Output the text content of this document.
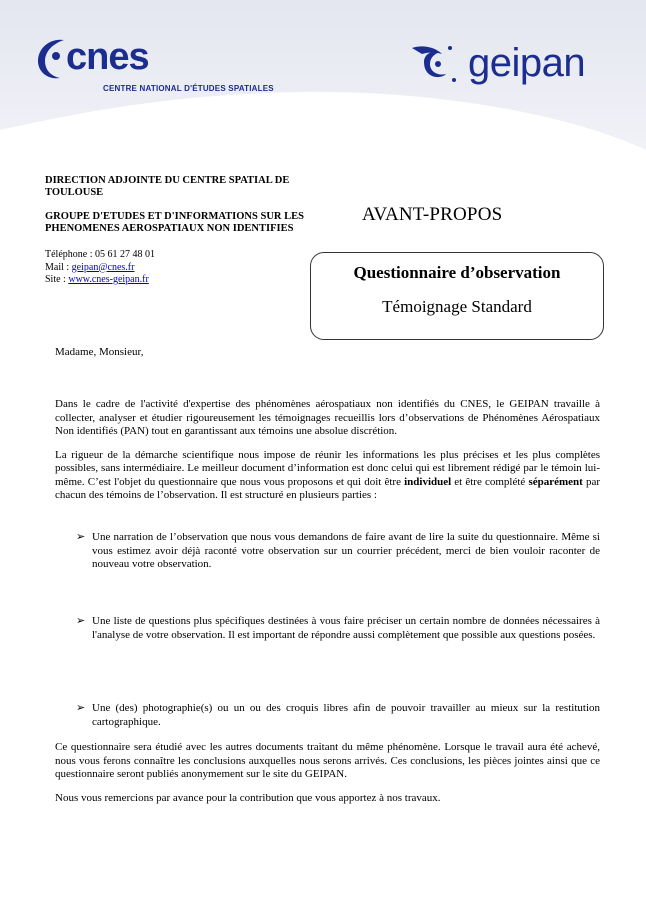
cnes
CENTRE NATIONAL D'ÉTUDES SPATIALES
geipan
DIRECTION ADJOINTE DU CENTRE SPATIAL DE TOULOUSE
GROUPE D'ETUDES ET D'INFORMATIONS SUR LES PHENOMENES AEROSPATIAUX NON IDENTIFIES
Téléphone : 05 61 27 48 01
Mail : geipan@cnes.fr
Site : www.cnes-geipan.fr
AVANT-PROPOS
Questionnaire d’observation
Témoignage Standard
Madame, Monsieur,

Dans le cadre de l'activité d'expertise des phénomènes aérospatiaux non identifiés du CNES, le GEIPAN travaille à collecter, analyser et étudier rigoureusement les témoignages recueillis lors d’observations de Phénomènes Aérospatiaux Non identifiés (PAN) tout en garantissant aux témoins une absolue discrétion.

La rigueur de la démarche scientifique nous impose de réunir les informations les plus précises et les plus complètes possibles, sans intermédiaire. Le meilleur document d’information est donc celui qui est librement rédigé par le témoin lui-même. C’est l'objet du questionnaire que nous vous proposons et qui doit être individuel et être complété séparément par chacun des témoins de l’observation. Il est structuré en plusieurs parties :

➢ Une narration de l’observation que nous vous demandons de faire avant de lire la suite du questionnaire. Même si vous estimez avoir déjà raconté votre observation sur un courrier précédent, merci de bien vouloir raconter de nouveau votre observation.
➢ Une liste de questions plus spécifiques destinées à vous faire préciser un certain nombre de données nécessaires à l'analyse de votre observation. Il est important de répondre aussi complètement que possible aux questions posées.
➢ Une (des) photographie(s) ou un ou des croquis libres afin de pouvoir travailler au mieux sur la restitution cartographique.

Ce questionnaire sera étudié avec les autres documents traitant du même phénomène. Lorsque le travail aura été achevé, nous vous ferons connaître les conclusions auxquelles nous serons arrivés. Ces conclusions, les pièces jointes ainsi que ce questionnaire seront publiés anonymement sur le site du GEIPAN.

Nous vous remercions par avance pour la contribution que vous apportez à nos travaux.
